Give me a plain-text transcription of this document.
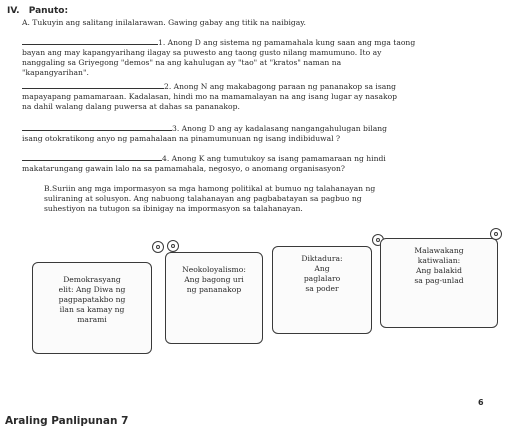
IV. Panuto:
A. Tukuyin ang salitang inilalarawan. Gawing gabay ang titik na naibigay.
1. Anong D ang sistema ng pamamahala kung saan ang mga taong
bayan ang may kapangyarihang ilagay sa puwesto ang taong gusto nilang mamumuno. Ito ay
nanggaling sa Griyegong "demos" na ang kahulugan ay "tao" at "kratos" naman na
"kapangyarihan".
2. Anong N ang makabagong paraan ng pananakop sa isang
mapayapang pamamaraan. Kadalasan, hindi mo na mamamalayan na ang isang lugar ay nasakop
na dahil walang dalang puwersa at dahas sa pananakop.
3. Anong D ang ay kadalasang nangangahulugan bilang
isang otokratikong anyo ng pamahalaan na pinamumunuan ng isang indibiduwal ?
4. Anong K ang tumutukoy sa isang pamamaraan ng hindi
makatarungang gawain lalo na sa pamamahala, negosyo, o anomang organisasyon?
B.Suriin ang mga impormasyon sa mga hamong politikal at bumuo ng talahanayan ng
suliraning at solusyon. Ang nabuong talahanayan ang pagbabatayan sa pagbuo ng
suhestiyon na tutugon sa ibinigay na impormasyon sa talahanayan.
Demokrasyang
elit: Ang Diwa ng
pagpapatakbo ng
ilan sa kamay ng
marami
Neokoloyalismo:
Ang bagong uri
ng pananakop
Diktadura:
Ang
paglalaro
sa poder
Malawakang
katiwalian:
Ang balakid
sa pag-unlad
6
Araling Panlipunan 7
